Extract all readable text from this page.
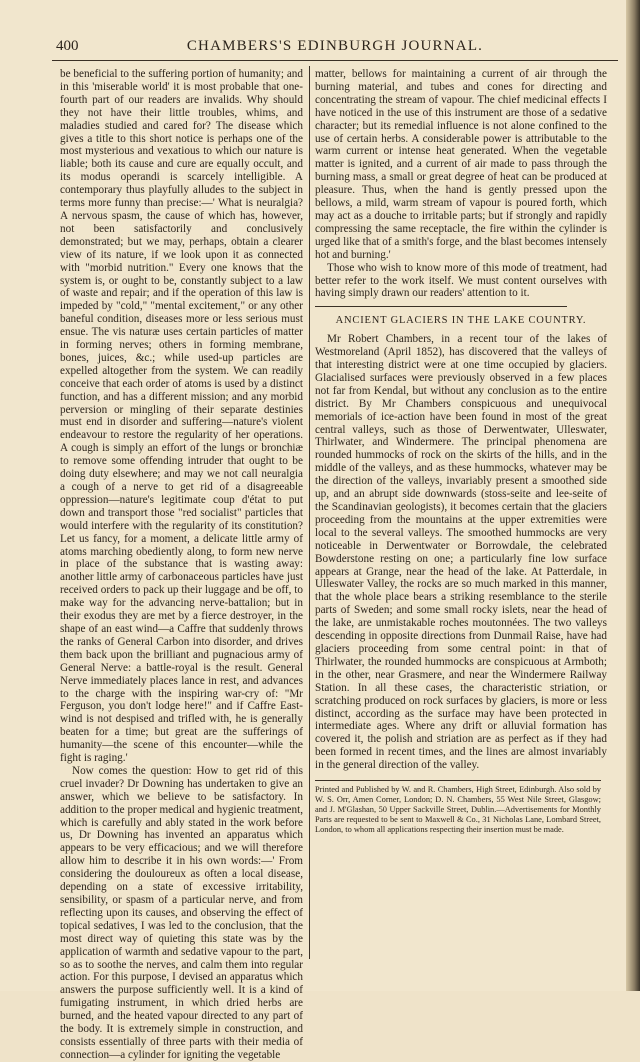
400	CHAMBERS'S EDINBURGH JOURNAL.

be beneficial to the suffering portion of humanity; and in this 'miserable world' it is most probable that one-fourth part of our readers are invalids. Why should they not have their little troubles, whims, and maladies studied and cared for? The disease which gives a title to this short notice is perhaps one of the most mysterious and vexatious to which our nature is liable; both its cause and cure are equally occult, and its modus operandi is scarcely intelligible. A contemporary thus playfully alludes to the subject in terms more funny than precise:—' What is neuralgia? A nervous spasm, the cause of which has, however, not been satisfactorily and conclusively demonstrated; but we may, perhaps, obtain a clearer view of its nature, if we look upon it as connected with "morbid nutrition." Every one knows that the system is, or ought to be, constantly subject to a law of waste and repair; and if the operation of this law is impeded by "cold," "mental excitement," or any other baneful condition, diseases more or less serious must ensue. The vis naturæ uses certain particles of matter in forming nerves; others in forming membrane, bones, juices, &c.; while used-up particles are expelled altogether from the system. We can readily conceive that each order of atoms is used by a distinct function, and has a different mission; and any morbid perversion or mingling of their separate destinies must end in disorder and suffering—nature's violent endeavour to restore the regularity of her operations. A cough is simply an effort of the lungs or bronchiæ to remove some offending intruder that ought to be doing duty elsewhere; and may we not call neuralgia a cough of a nerve to get rid of a disagreeable oppression—nature's legitimate coup d'état to put down and transport those "red socialist" particles that would interfere with the regularity of its constitution? Let us fancy, for a moment, a delicate little army of atoms marching obediently along, to form new nerve in place of the substance that is wasting away: another little army of carbonaceous particles have just received orders to pack up their luggage and be off, to make way for the advancing nerve-battalion; but in their exodus they are met by a fierce destroyer, in the shape of an east wind—a Caffre that suddenly throws the ranks of General Carbon into disorder, and drives them back upon the brilliant and pugnacious army of General Nerve: a battle-royal is the result. General Nerve immediately places lance in rest, and advances to the charge with the inspiring war-cry of: "Mr Ferguson, you don't lodge here!" and if Caffre East-wind is not despised and trifled with, he is generally beaten for a time; but great are the sufferings of humanity—the scene of this encounter—while the fight is raging.'

Now comes the question: How to get rid of this cruel invader? Dr Downing has undertaken to give an answer, which we believe to be satisfactory. In addition to the proper medical and hygienic treatment, which is carefully and ably stated in the work before us, Dr Downing has invented an apparatus which appears to be very efficacious; and we will therefore allow him to describe it in his own words:—' From considering the douloureux as often a local disease, depending on a state of excessive irritability, sensibility, or spasm of a particular nerve, and from reflecting upon its causes, and observing the effect of topical sedatives, I was led to the conclusion, that the most direct way of quieting this state was by the application of warmth and sedative vapour to the part, so as to soothe the nerves, and calm them into regular action. For this purpose, I devised an apparatus which answers the purpose sufficiently well. It is a kind of fumigating instrument, in which dried herbs are burned, and the heated vapour directed to any part of the body. It is extremely simple in construction, and consists essentially of three parts with their media of connection—a cylinder for igniting the vegetable

matter, bellows for maintaining a current of air through the burning material, and tubes and cones for directing and concentrating the stream of vapour. The chief medicinal effects I have noticed in the use of this instrument are those of a sedative character; but its remedial influence is not alone confined to the use of certain herbs. A considerable power is attributable to the warm current or intense heat generated. When the vegetable matter is ignited, and a current of air made to pass through the burning mass, a small or great degree of heat can be produced at pleasure. Thus, when the hand is gently pressed upon the bellows, a mild, warm stream of vapour is poured forth, which may act as a douche to irritable parts; but if strongly and rapidly compressing the same receptacle, the fire within the cylinder is urged like that of a smith's forge, and the blast becomes intensely hot and burning.'

Those who wish to know more of this mode of treatment, had better refer to the work itself. We must content ourselves with having simply drawn our readers' attention to it.

ANCIENT GLACIERS IN THE LAKE COUNTRY.

Mr Robert Chambers, in a recent tour of the lakes of Westmoreland (April 1852), has discovered that the valleys of that interesting district were at one time occupied by glaciers. Glacialised surfaces were previously observed in a few places not far from Kendal, but without any conclusion as to the entire district. By Mr Chambers conspicuous and unequivocal memorials of ice-action have been found in most of the great central valleys, such as those of Derwentwater, Ulleswater, Thirlwater, and Windermere. The principal phenomena are rounded hummocks of rock on the skirts of the hills, and in the middle of the valleys, and as these hummocks, whatever may be the direction of the valleys, invariably present a smoothed side up, and an abrupt side downwards (stoss-seite and lee-seite of the Scandinavian geologists), it becomes certain that the glaciers proceeding from the mountains at the upper extremities were local to the several valleys. The smoothed hummocks are very noticeable in Derwentwater or Borrowdale, the celebrated Bowderstone resting on one; a particularly fine low surface appears at Grange, near the head of the lake. At Patterdale, in Ulleswater Valley, the rocks are so much marked in this manner, that the whole place bears a striking resemblance to the sterile parts of Sweden; and some small rocky islets, near the head of the lake, are unmistakable roches moutonnées. The two valleys descending in opposite directions from Dunmail Raise, have had glaciers proceeding from some central point: in that of Thirlwater, the rounded hummocks are conspicuous at Armboth; in the other, near Grasmere, and near the Windermere Railway Station. In all these cases, the characteristic striation, or scratching produced on rock surfaces by glaciers, is more or less distinct, according as the surface may have been protected in intermediate ages. Where any drift or alluvial formation has covered it, the polish and striation are as perfect as if they had been formed in recent times, and the lines are almost invariably in the general direction of the valley.

Printed and Published by W. and R. Chambers, High Street, Edinburgh. Also sold by W. S. Orr, Amen Corner, London; D. N. Chambers, 55 West Nile Street, Glasgow; and J. M'Glashan, 50 Upper Sackville Street, Dublin.—Advertisements for Monthly Parts are requested to be sent to Maxwell & Co., 31 Nicholas Lane, Lombard Street, London, to whom all applications respecting their insertion must be made.
